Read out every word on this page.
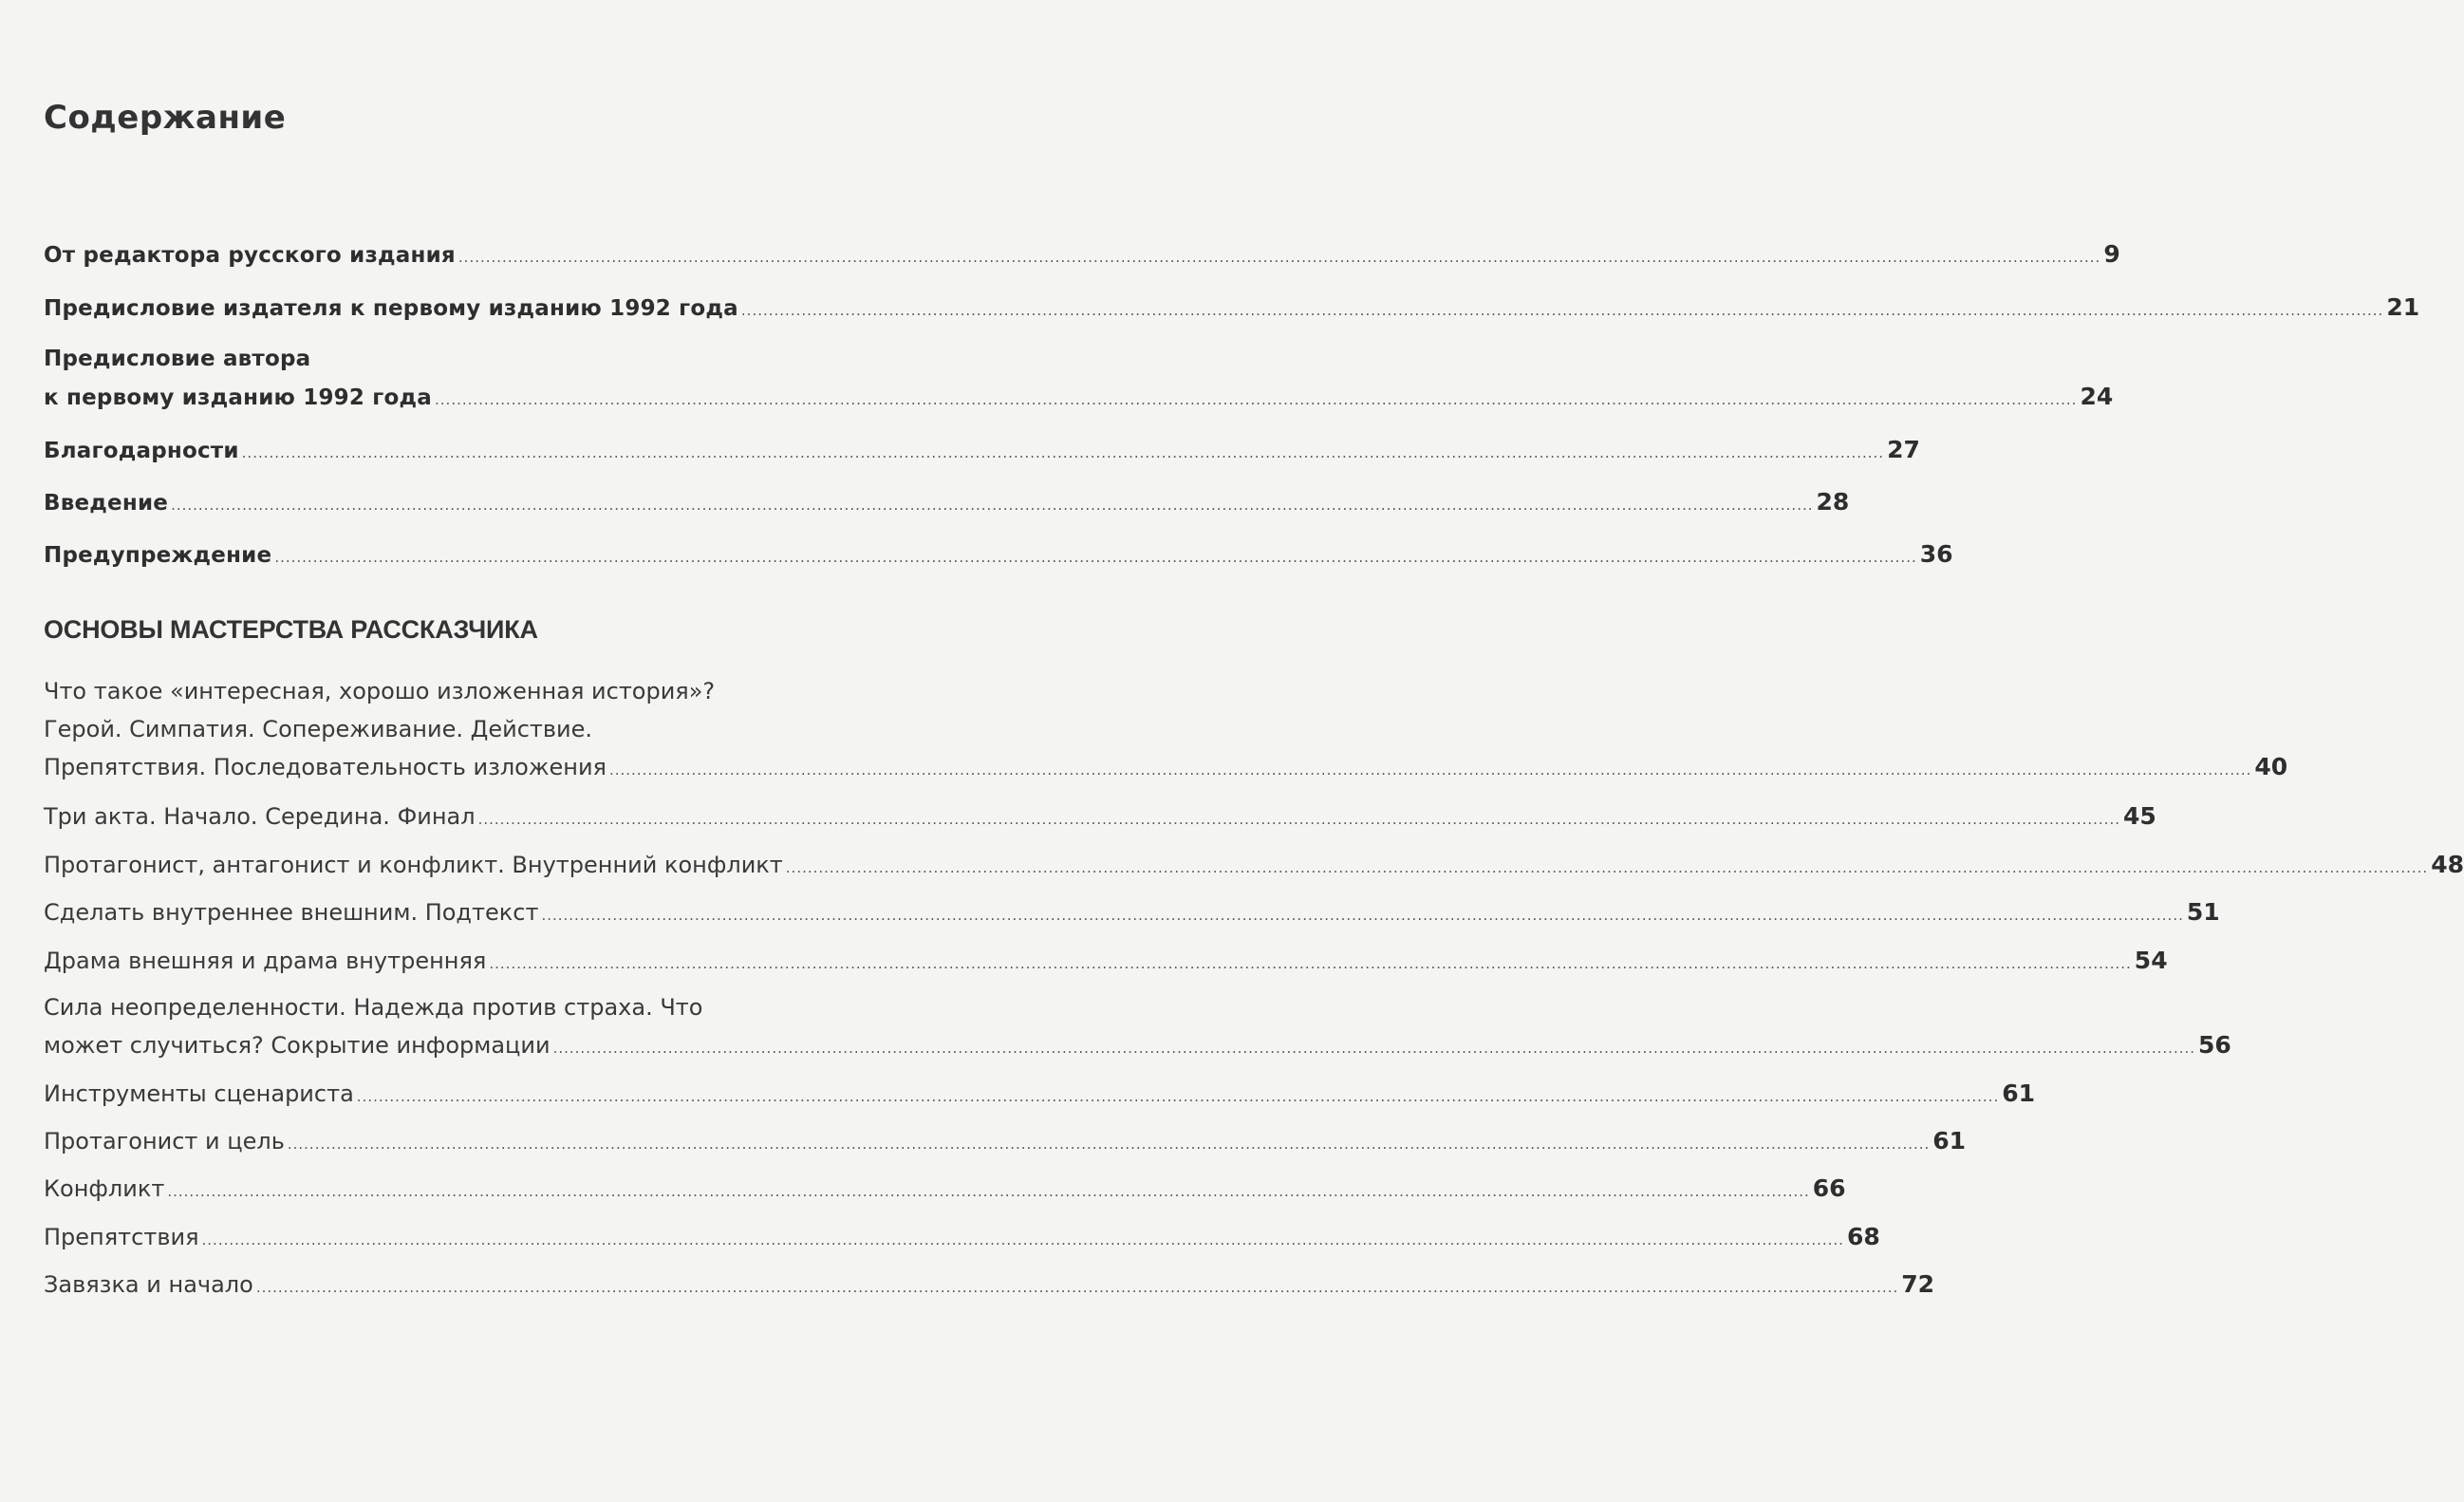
Содержание
От редактора русского издания ............................................................................................................................................................................................................................................................................................................ 9
Предисловие издателя к первому изданию 1992 года ............................................................................................................................................................................................................................................................................................................ 21
Предисловие автора
к первому изданию 1992 года ............................................................................................................................................................................................................................................................................................................ 24
Благодарности ............................................................................................................................................................................................................................................................................................................ 27
Введение ............................................................................................................................................................................................................................................................................................................ 28
Предупреждение ............................................................................................................................................................................................................................................................................................................ 36
ОСНОВЫ МАСТЕРСТВА РАССКАЗЧИКА
Что такое «интересная, хорошо изложенная история»?
Герой. Симпатия. Сопереживание. Действие.
Препятствия. Последовательность изложения ............................................................................................................................................................................................................................................................................................................ 40
Три акта. Начало. Середина. Финал ............................................................................................................................................................................................................................................................................................................ 45
Протагонист, антагонист и конфликт. Внутренний конфликт ............................................................................................................................................................................................................................................................................................................ 48
Сделать внутреннее внешним. Подтекст ............................................................................................................................................................................................................................................................................................................ 51
Драма внешняя и драма внутренняя ............................................................................................................................................................................................................................................................................................................ 54
Сила неопределенности. Надежда против страха. Что
может случиться? Сокрытие информации ............................................................................................................................................................................................................................................................................................................ 56
Инструменты сценариста ............................................................................................................................................................................................................................................................................................................ 61
Протагонист и цель ............................................................................................................................................................................................................................................................................................................ 61
Конфликт ............................................................................................................................................................................................................................................................................................................ 66
Препятствия ............................................................................................................................................................................................................................................................................................................ 68
Завязка и начало ............................................................................................................................................................................................................................................................................................................ 72
